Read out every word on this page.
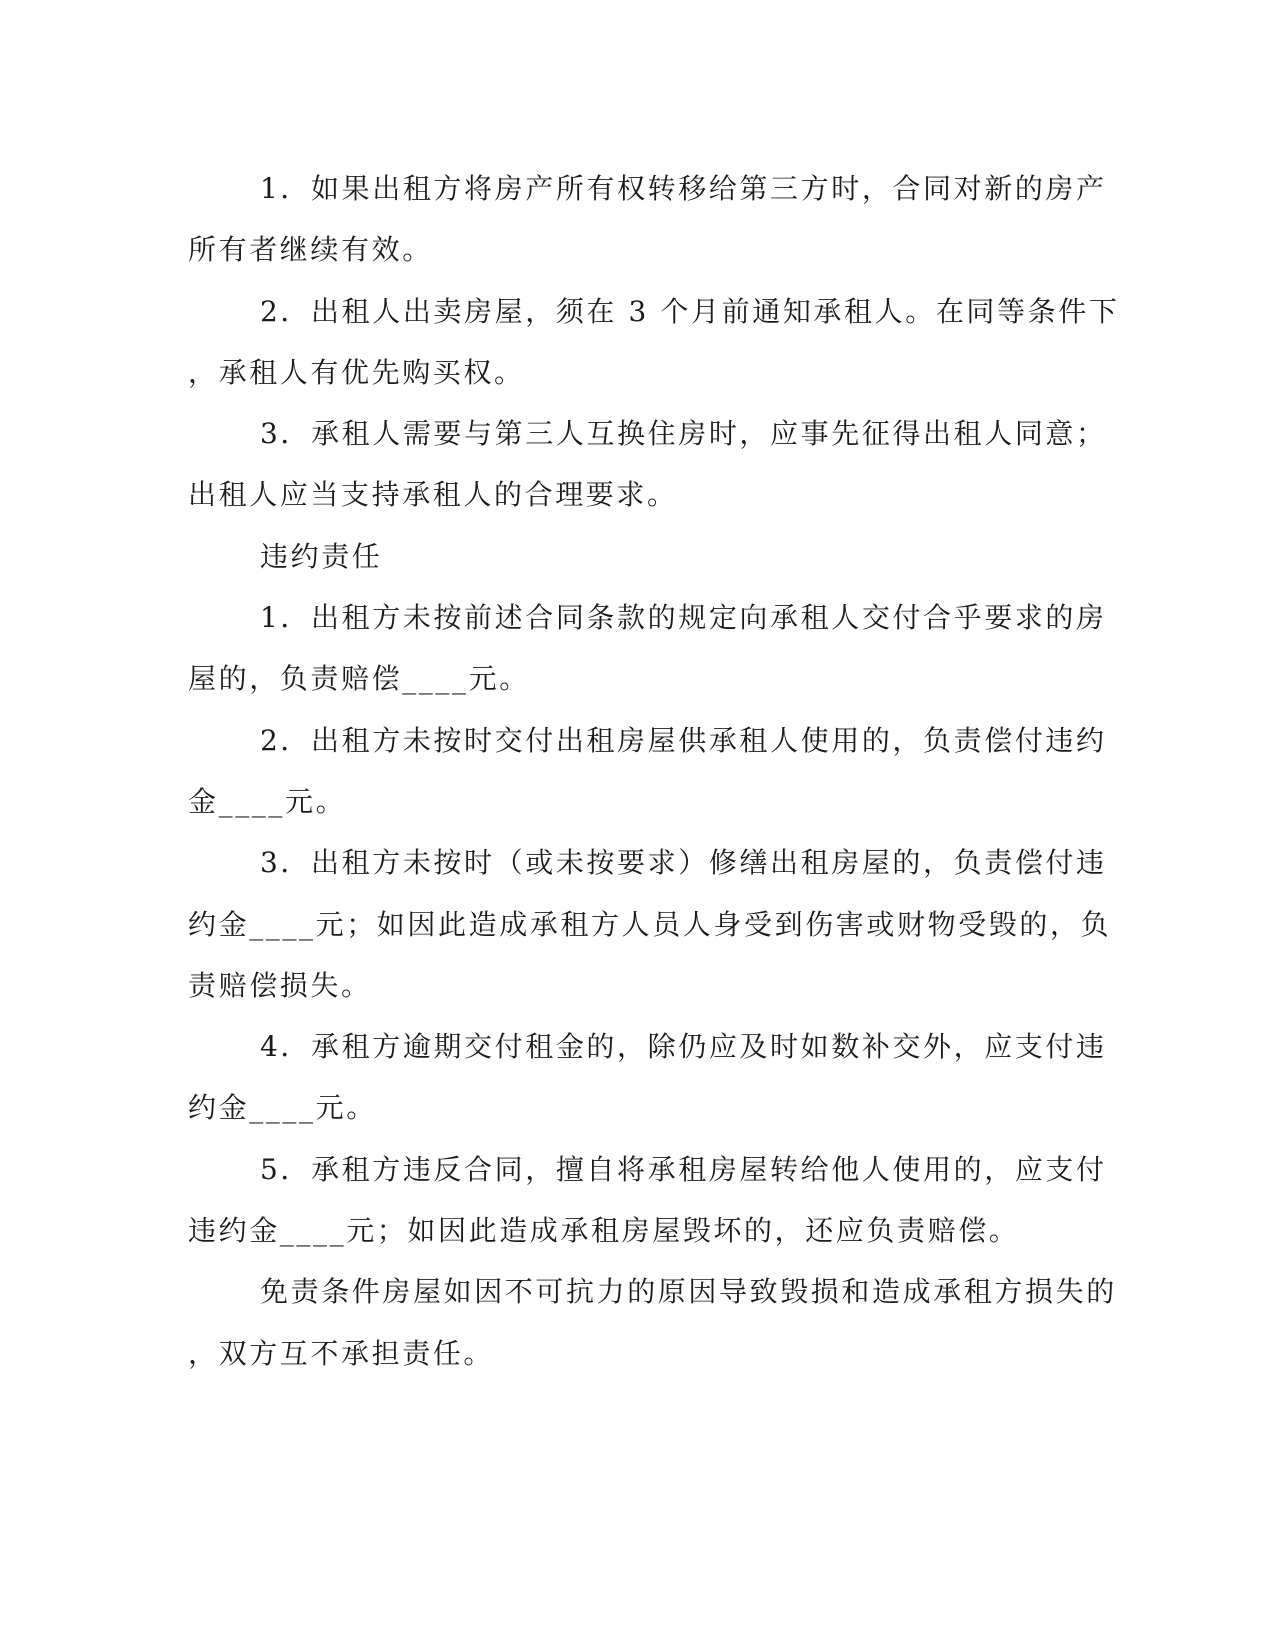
1．如果出租方将房产所有权转移给第三方时，合同对新的房产
所有者继续有效。
2．出租人出卖房屋，须在 3 个月前通知承租人。在同等条件下
，承租人有优先购买权。
3．承租人需要与第三人互换住房时，应事先征得出租人同意；
出租人应当支持承租人的合理要求。
违约责任
1．出租方未按前述合同条款的规定向承租人交付合乎要求的房
屋的，负责赔偿____元。
2．出租方未按时交付出租房屋供承租人使用的，负责偿付违约
金____元。
3．出租方未按时（或未按要求）修缮出租房屋的，负责偿付违
约金____元；如因此造成承租方人员人身受到伤害或财物受毁的，负
责赔偿损失。
4．承租方逾期交付租金的，除仍应及时如数补交外，应支付违
约金____元。
5．承租方违反合同，擅自将承租房屋转给他人使用的，应支付
违约金____元；如因此造成承租房屋毁坏的，还应负责赔偿。
免责条件房屋如因不可抗力的原因导致毁损和造成承租方损失的
，双方互不承担责任。
